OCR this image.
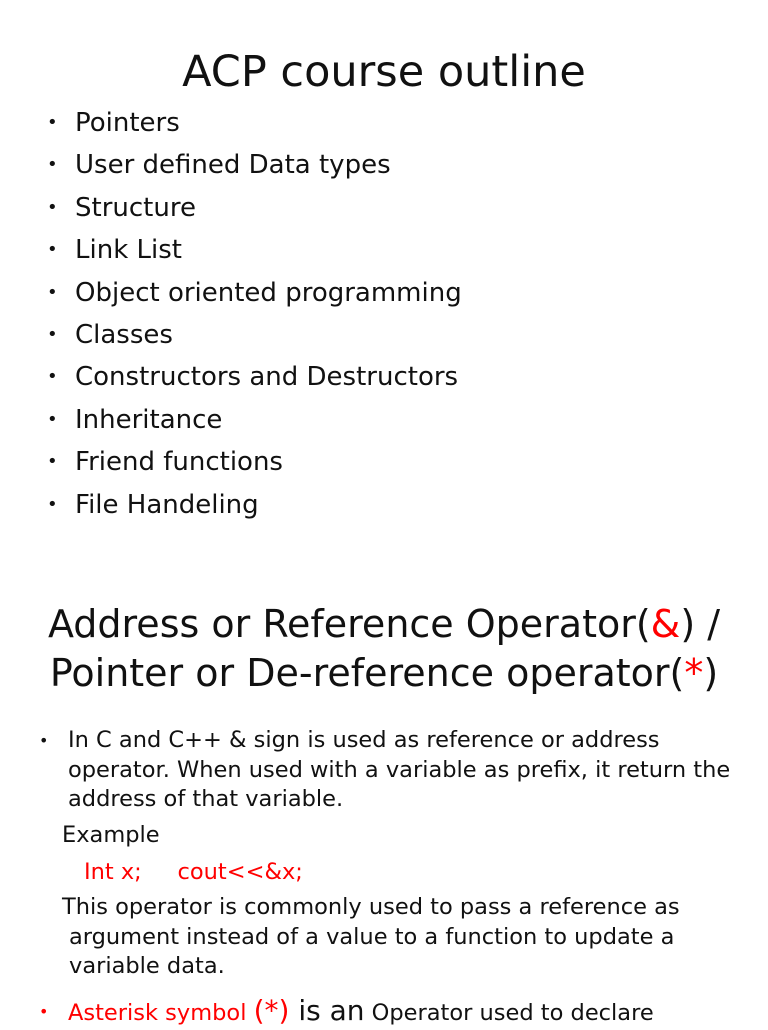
ACP course outline
• Pointers
• User defined Data types
• Structure
• Link List
• Object oriented programming
• Classes
• Constructors and Destructors
• Inheritance
• Friend functions
• File Handeling
Address or Reference Operator(&) /
Pointer or De-reference operator(*)
• In C and C++ & sign is used as reference or address operator. When used with a variable as prefix, it return the address of that variable.

Example
Int x;     cout<<&x;

This operator is commonly used to pass a reference as
argument instead of a value to a function to update a variable data.

• Asterisk symbol (*) is an Operator used to declare
